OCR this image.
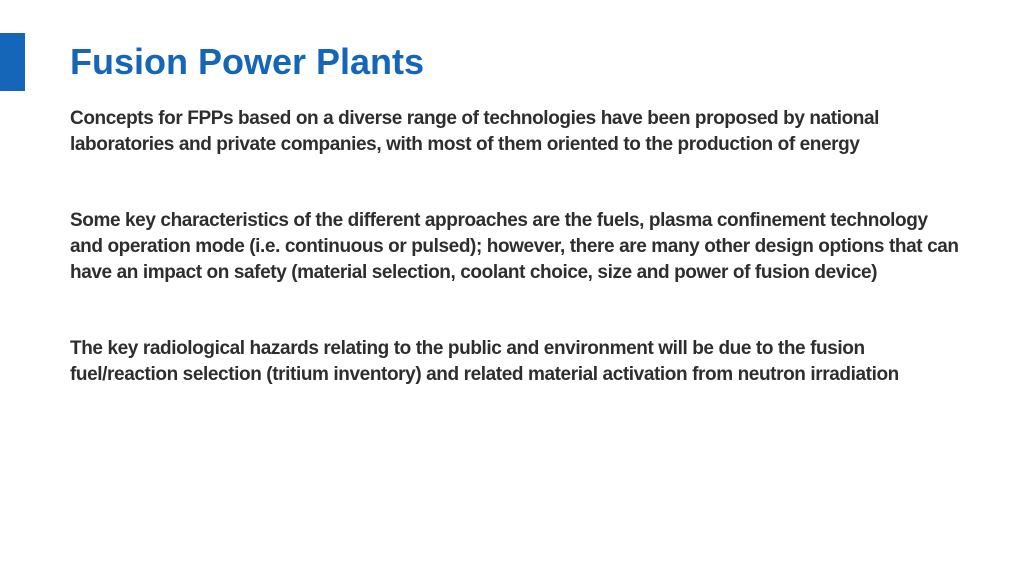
Fusion Power Plants

Concepts for FPPs based on a diverse range of technologies have been proposed by national laboratories and private companies, with most of them oriented to the production of energy

Some key characteristics of the different approaches are the fuels, plasma confinement technology and operation mode (i.e. continuous or pulsed); however, there are many other design options that can have an impact on safety (material selection, coolant choice, size and power of fusion device)

The key radiological hazards relating to the public and environment will be due to the fusion fuel/reaction selection (tritium inventory) and related material activation from neutron irradiation
